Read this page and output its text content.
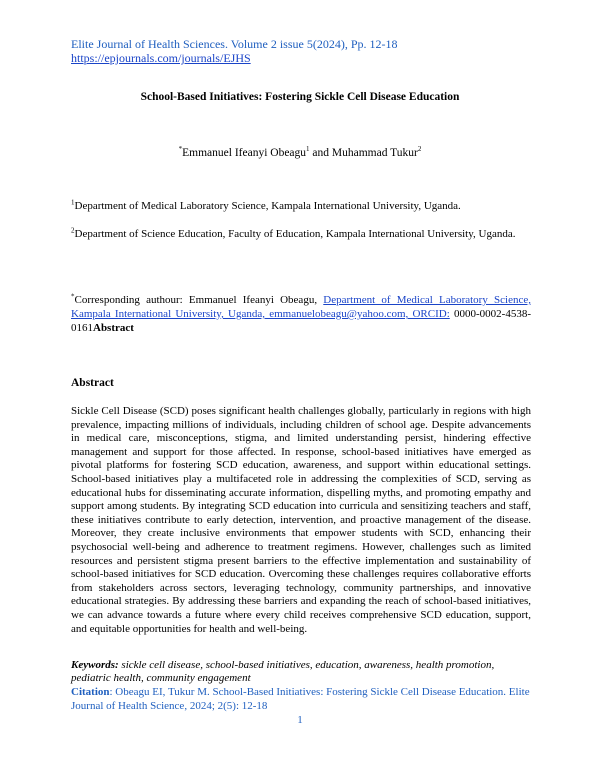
Elite Journal of Health Sciences. Volume 2 issue 5(2024), Pp. 12-18
https://epjournals.com/journals/EJHS
School-Based Initiatives: Fostering Sickle Cell Disease Education
*Emmanuel Ifeanyi Obeagu$^1$ and Muhammad Tukur$^2$
$^1$Department of Medical Laboratory Science, Kampala International University, Uganda.
$^2$Department of Science Education, Faculty of Education, Kampala International University, Uganda.
*Corresponding authour: Emmanuel Ifeanyi Obeagu, Department of Medical Laboratory Science, Kampala International University, Uganda, emmanuelobeagu@yahoo.com, ORCID: 0000-0002-4538-0161Abstract
Abstract
Sickle Cell Disease (SCD) poses significant health challenges globally, particularly in regions with high prevalence, impacting millions of individuals, including children of school age. Despite advancements in medical care, misconceptions, stigma, and limited understanding persist, hindering effective management and support for those affected. In response, school-based initiatives have emerged as pivotal platforms for fostering SCD education, awareness, and support within educational settings. School-based initiatives play a multifaceted role in addressing the complexities of SCD, serving as educational hubs for disseminating accurate information, dispelling myths, and promoting empathy and support among students. By integrating SCD education into curricula and sensitizing teachers and staff, these initiatives contribute to early detection, intervention, and proactive management of the disease. Moreover, they create inclusive environments that empower students with SCD, enhancing their psychosocial well-being and adherence to treatment regimens. However, challenges such as limited resources and persistent stigma present barriers to the effective implementation and sustainability of school-based initiatives for SCD education. Overcoming these challenges requires collaborative efforts from stakeholders across sectors, leveraging technology, community partnerships, and innovative educational strategies. By addressing these barriers and expanding the reach of school-based initiatives, we can advance towards a future where every child receives comprehensive SCD education, support, and equitable opportunities for health and well-being.
Keywords: sickle cell disease, school-based initiatives, education, awareness, health promotion, pediatric health, community engagement
Citation: Obeagu EI, Tukur M. School-Based Initiatives: Fostering Sickle Cell Disease Education. Elite Journal of Health Science, 2024; 2(5): 12-18
1
